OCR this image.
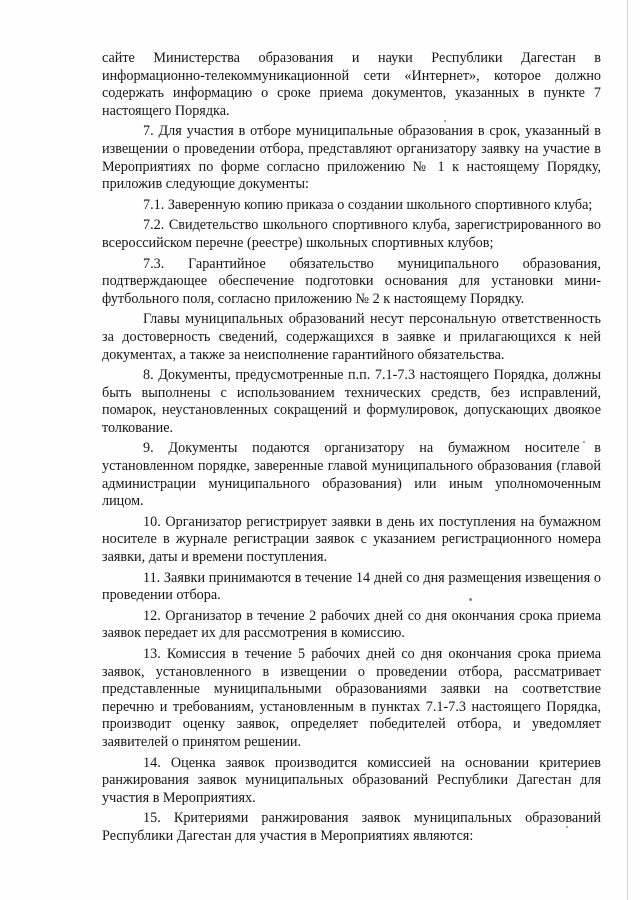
сайте Министерства образования и науки Республики Дагестан в информационно-телекоммуникационной сети «Интернет», которое должно содержать информацию о сроке приема документов, указанных в пункте 7 настоящего Порядка.

7. Для участия в отборе муниципальные образования в срок, указанный в извещении о проведении отбора, представляют организатору заявку на участие в Мероприятиях по форме согласно приложению № 1 к настоящему Порядку, приложив следующие документы:

7.1. Заверенную копию приказа о создании школьного спортивного клуба;

7.2. Свидетельство школьного спортивного клуба, зарегистрированного во всероссийском перечне (реестре) школьных спортивных клубов;

7.3. Гарантийное обязательство муниципального образования, подтверждающее обеспечение подготовки основания для установки мини-футбольного поля, согласно приложению № 2 к настоящему Порядку.

Главы муниципальных образований несут персональную ответственность за достоверность сведений, содержащихся в заявке и прилагающихся к ней документах, а также за неисполнение гарантийного обязательства.

8. Документы, предусмотренные п.п. 7.1-7.3 настоящего Порядка, должны быть выполнены с использованием технических средств, без исправлений, помарок, неустановленных сокращений и формулировок, допускающих двоякое толкование.

9. Документы подаются организатору на бумажном носителе в установленном порядке, заверенные главой муниципального образования (главой администрации муниципального образования) или иным уполномоченным лицом.

10. Организатор регистрирует заявки в день их поступления на бумажном носителе в журнале регистрации заявок с указанием регистрационного номера заявки, даты и времени поступления.

11. Заявки принимаются в течение 14 дней со дня размещения извещения о проведении отбора.

12. Организатор в течение 2 рабочих дней со дня окончания срока приема заявок передает их для рассмотрения в комиссию.

13. Комиссия в течение 5 рабочих дней со дня окончания срока приема заявок, установленного в извещении о проведении отбора, рассматривает представленные муниципальными образованиями заявки на соответствие перечню и требованиям, установленным в пунктах 7.1-7.3 настоящего Порядка, производит оценку заявок, определяет победителей отбора, и уведомляет заявителей о принятом решении.

14. Оценка заявок производится комиссией на основании критериев ранжирования заявок муниципальных образований Республики Дагестан для участия в Мероприятиях.

15. Критериями ранжирования заявок муниципальных образований Республики Дагестан для участия в Мероприятиях являются:
